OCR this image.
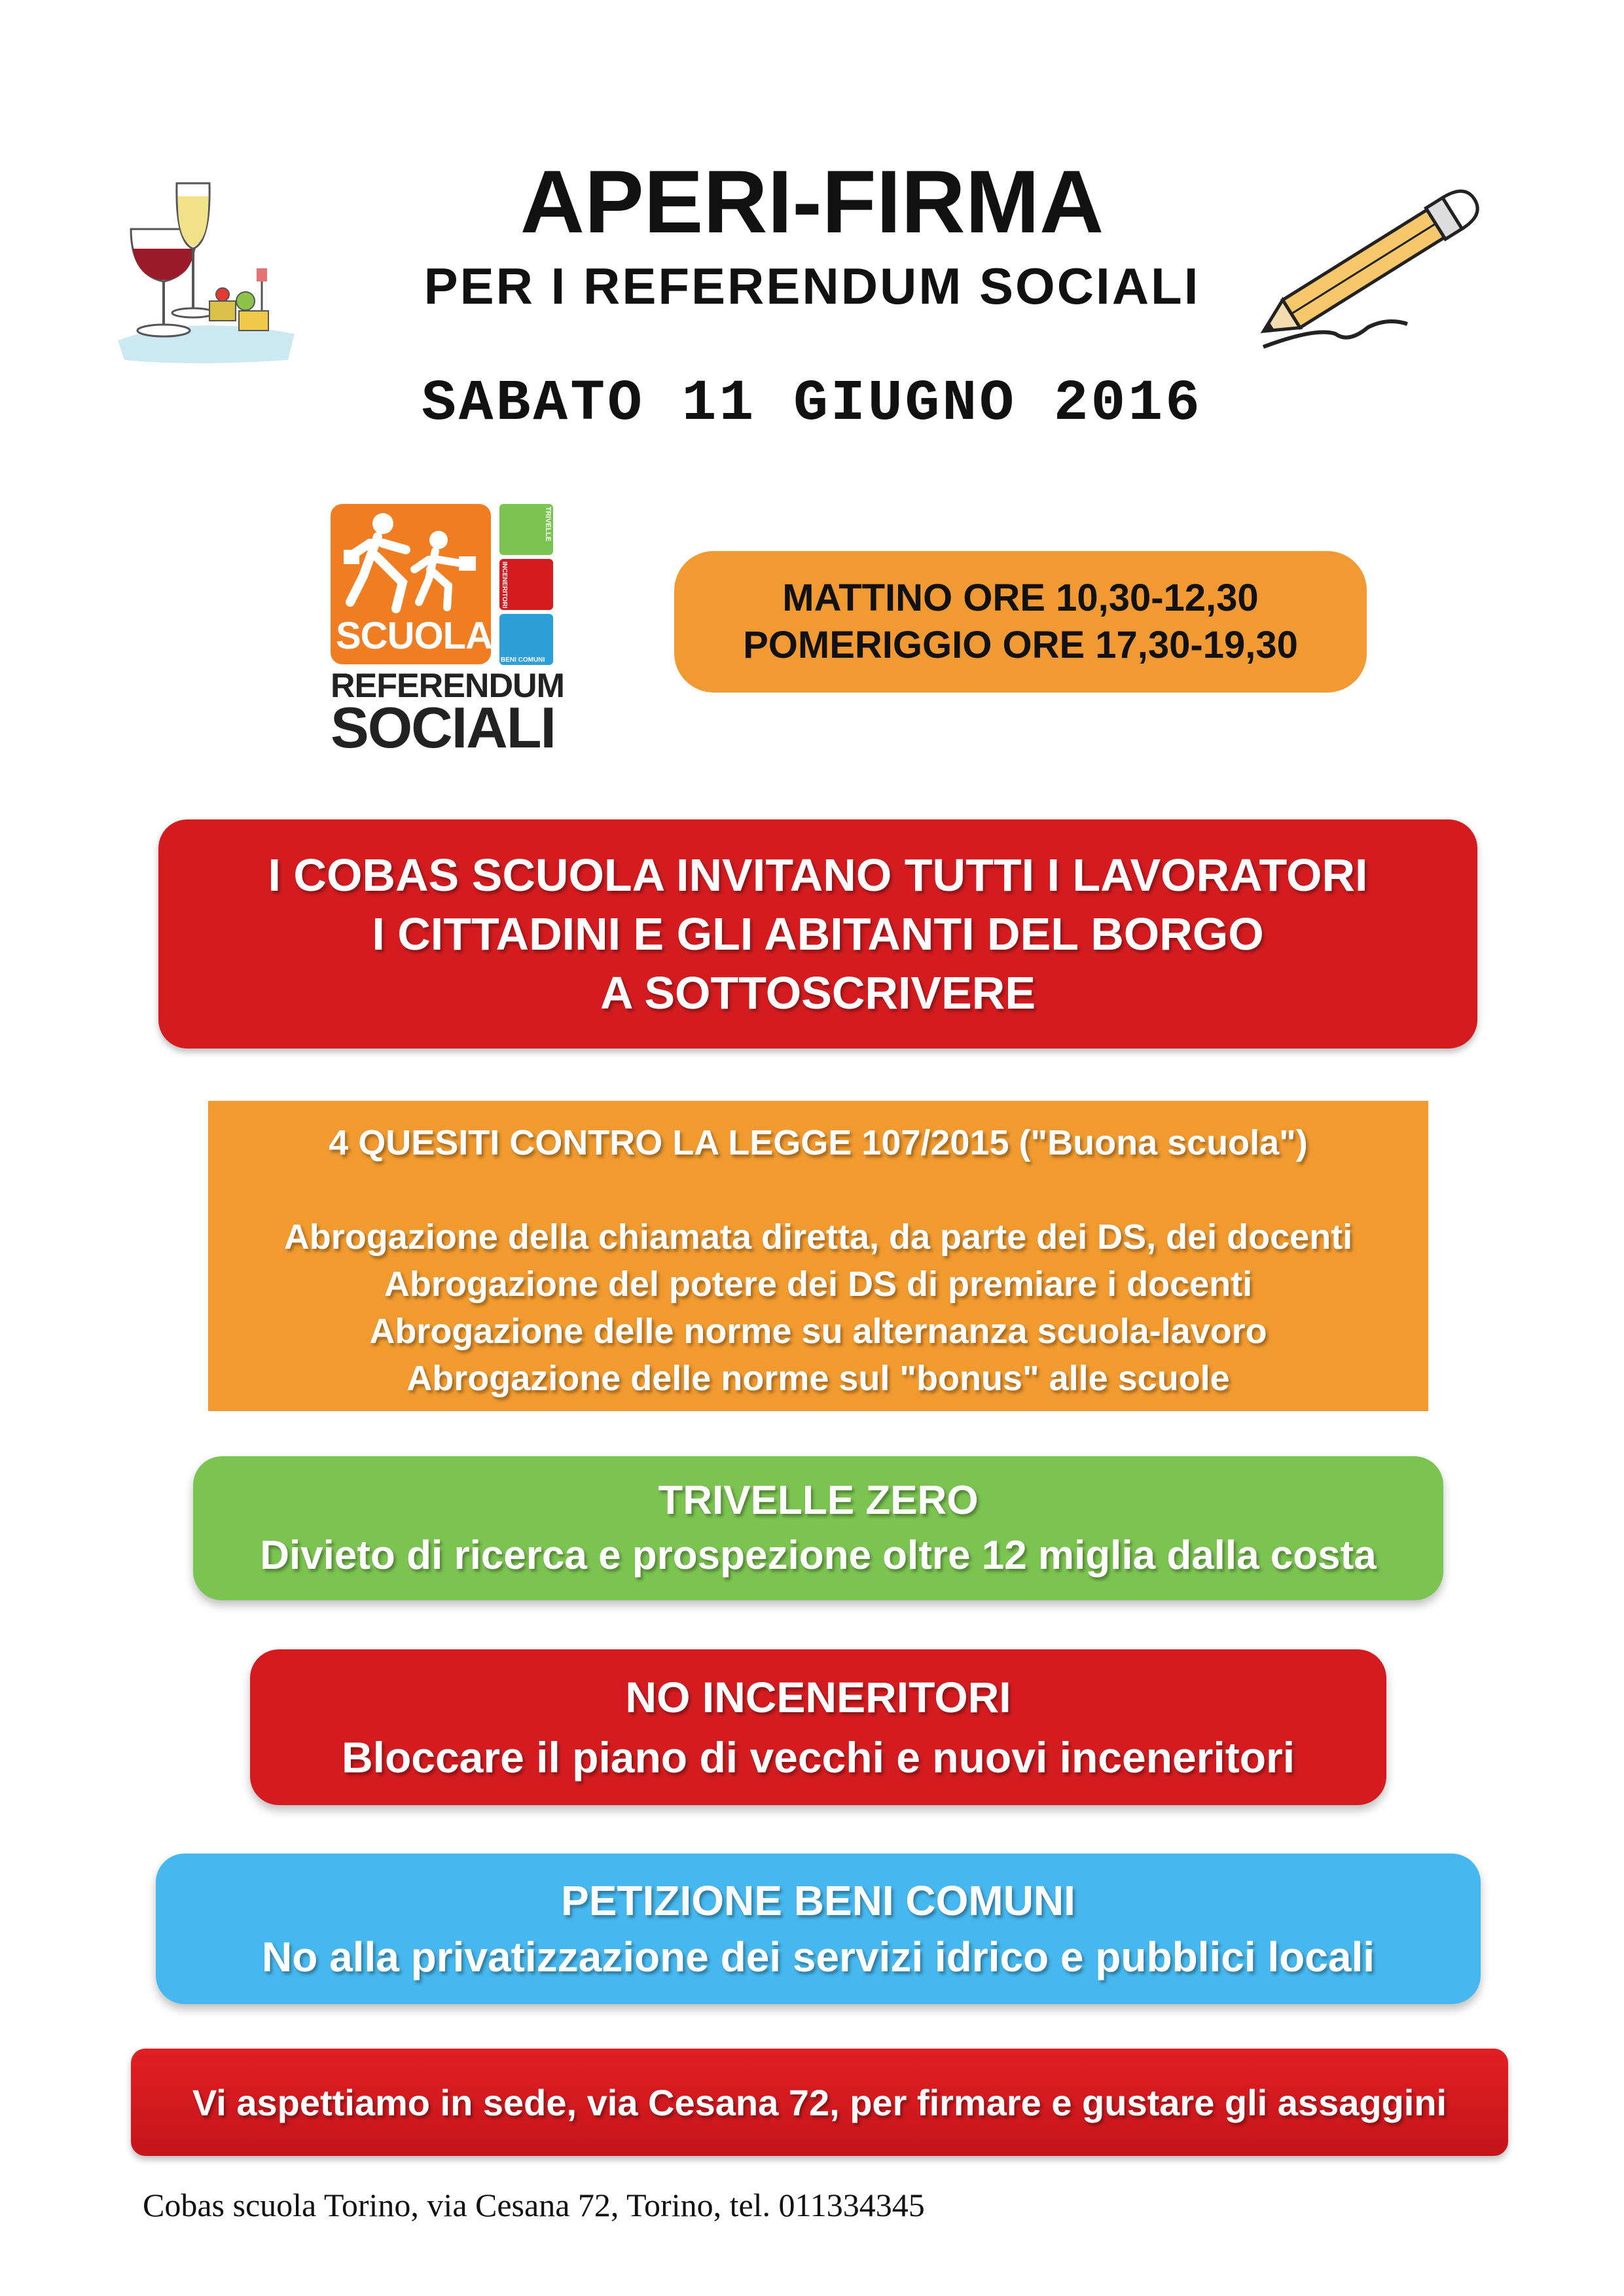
APERI-FIRMA
PER I REFERENDUM SOCIALI
SABATO 11 GIUGNO 2016
SCUOLA
TRIVELLE
INCENERITORI
BENI COMUNI
REFERENDUM
SOCIALI
MATTINO ORE 10,30-12,30
POMERIGGIO ORE 17,30-19,30
I COBAS SCUOLA INVITANO TUTTI I LAVORATORI
I CITTADINI E GLI ABITANTI DEL BORGO
A SOTTOSCRIVERE
4 QUESITI CONTRO LA LEGGE 107/2015 ("Buona scuola")
Abrogazione della chiamata diretta, da parte dei DS, dei docenti
Abrogazione del potere dei DS di premiare i docenti
Abrogazione delle norme su alternanza scuola-lavoro
Abrogazione delle norme sul "bonus" alle scuole
TRIVELLE ZERO
Divieto di ricerca e prospezione oltre 12 miglia dalla costa
NO INCENERITORI
Bloccare il piano di vecchi e nuovi inceneritori
PETIZIONE BENI COMUNI
No alla privatizzazione dei servizi idrico e pubblici locali
Vi aspettiamo in sede, via Cesana 72, per firmare e gustare gli assaggini
Cobas scuola Torino, via Cesana 72, Torino, tel. 011334345
